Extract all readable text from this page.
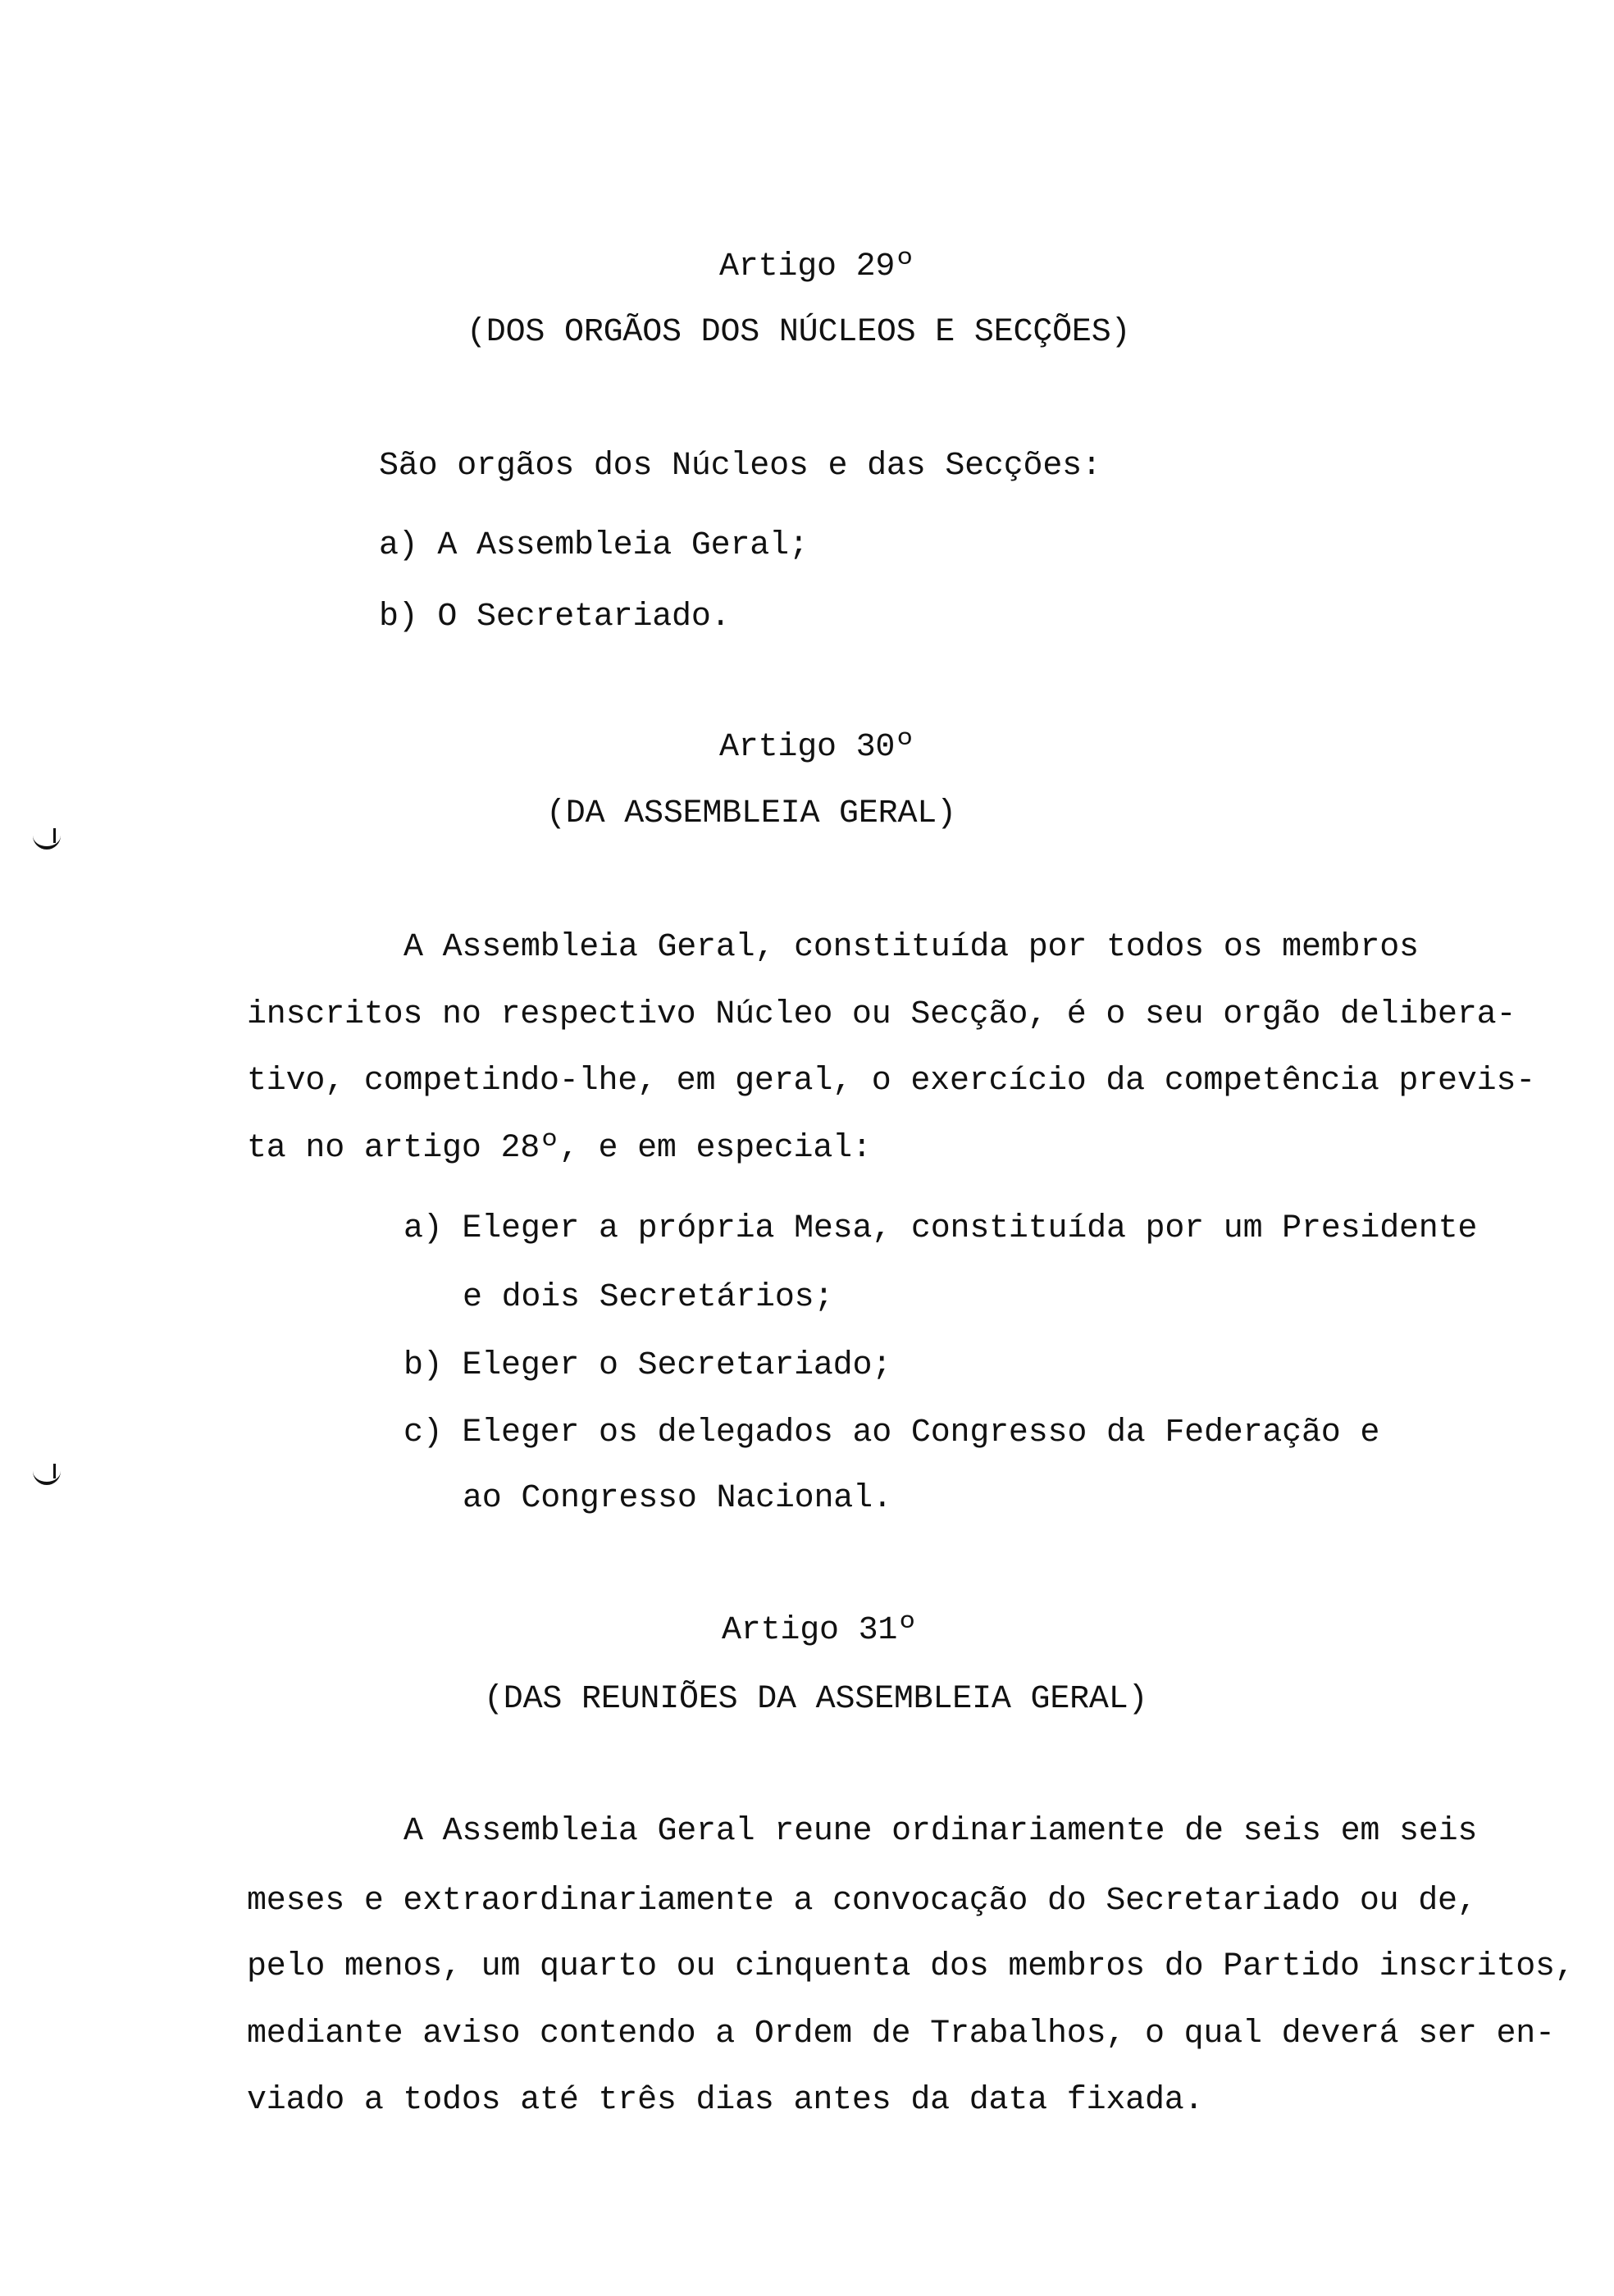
Artigo 29º
(DOS ORGÃOS DOS NÚCLEOS E SECÇÕES)
São orgãos dos Núcleos e das Secções:
a) A Assembleia Geral;
b) O Secretariado.
Artigo 30º
(DA ASSEMBLEIA GERAL)
A Assembleia Geral, constituída por todos os membros
inscritos no respectivo Núcleo ou Secção, é o seu orgão delibera-
tivo, competindo-lhe, em geral, o exercício da competência previs-
ta no artigo 28º, e em especial:
a) Eleger a própria Mesa, constituída por um Presidente
e dois Secretários;
b) Eleger o Secretariado;
c) Eleger os delegados ao Congresso da Federação e
ao Congresso Nacional.
Artigo 31º
(DAS REUNIÕES DA ASSEMBLEIA GERAL)
A Assembleia Geral reune ordinariamente de seis em seis
meses e extraordinariamente a convocação do Secretariado ou de,
pelo menos, um quarto ou cinquenta dos membros do Partido inscritos,
mediante aviso contendo a Ordem de Trabalhos, o qual deverá ser en-
viado a todos até três dias antes da data fixada.
